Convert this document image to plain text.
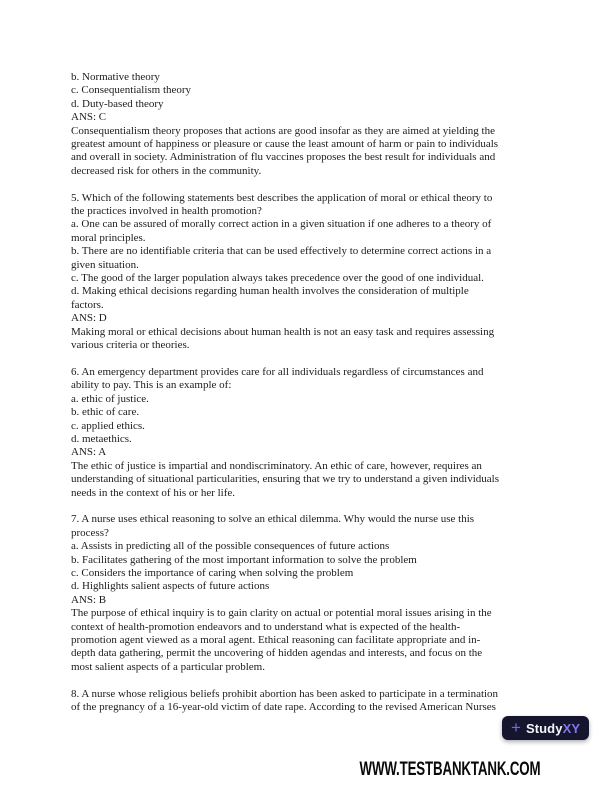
b. Normative theory
c. Consequentialism theory
d. Duty-based theory
ANS: C
Consequentialism theory proposes that actions are good insofar as they are aimed at yielding the
greatest amount of happiness or pleasure or cause the least amount of harm or pain to individuals
and overall in society. Administration of flu vaccines proposes the best result for individuals and
decreased risk for others in the community.
5. Which of the following statements best describes the application of moral or ethical theory to
the practices involved in health promotion?
a. One can be assured of morally correct action in a given situation if one adheres to a theory of
moral principles.
b. There are no identifiable criteria that can be used effectively to determine correct actions in a
given situation.
c. The good of the larger population always takes precedence over the good of one individual.
d. Making ethical decisions regarding human health involves the consideration of multiple
factors.
ANS: D
Making moral or ethical decisions about human health is not an easy task and requires assessing
various criteria or theories.
6. An emergency department provides care for all individuals regardless of circumstances and
ability to pay. This is an example of:
a. ethic of justice.
b. ethic of care.
c. applied ethics.
d. metaethics.
ANS: A
The ethic of justice is impartial and nondiscriminatory. An ethic of care, however, requires an
understanding of situational particularities, ensuring that we try to understand a given individuals
needs in the context of his or her life.
7. A nurse uses ethical reasoning to solve an ethical dilemma. Why would the nurse use this
process?
a. Assists in predicting all of the possible consequences of future actions
b. Facilitates gathering of the most important information to solve the problem
c. Considers the importance of caring when solving the problem
d. Highlights salient aspects of future actions
ANS: B
The purpose of ethical inquiry is to gain clarity on actual or potential moral issues arising in the
context of health-promotion endeavors and to understand what is expected of the health-
promotion agent viewed as a moral agent. Ethical reasoning can facilitate appropriate and in-
depth data gathering, permit the uncovering of hidden agendas and interests, and focus on the
most salient aspects of a particular problem.
8. A nurse whose religious beliefs prohibit abortion has been asked to participate in a termination
of the pregnancy of a 16-year-old victim of date rape. According to the revised American Nurses
+ StudyXY
WWW.TESTBANKTANK.COM
